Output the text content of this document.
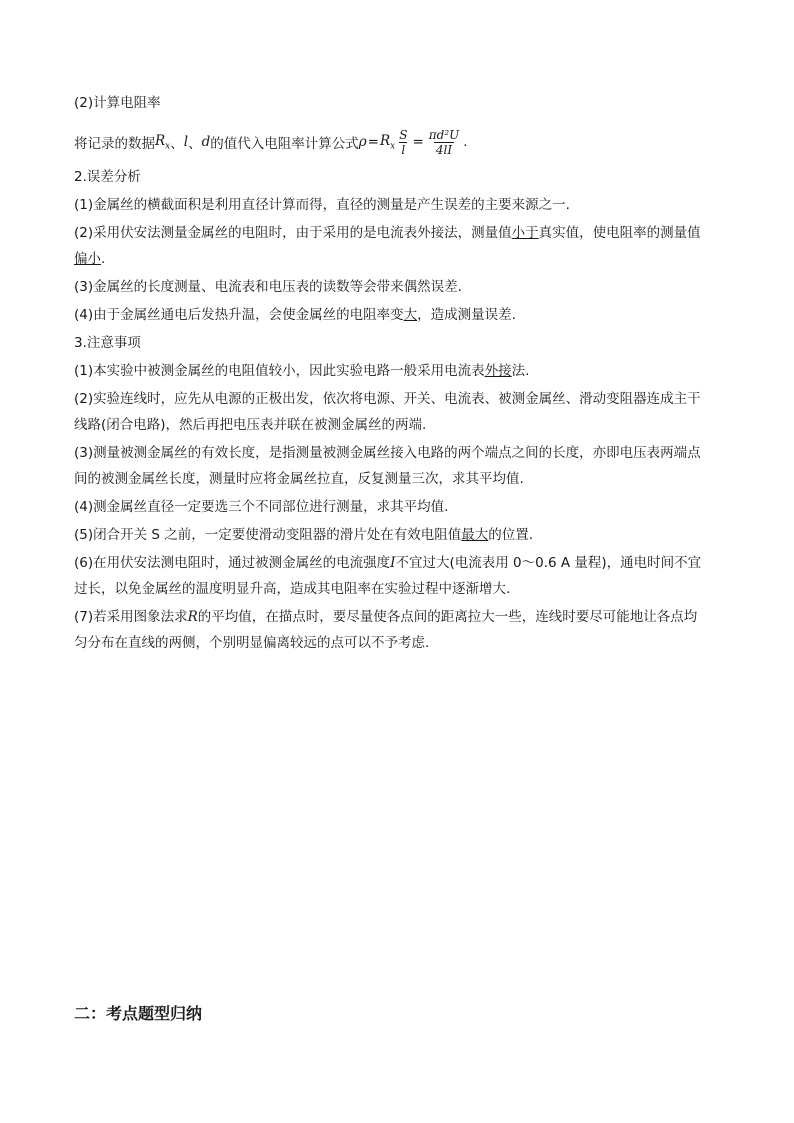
(2)计算电阻率
将记录的数据 $R_x$ 、 l 、 d 的值代入电阻率计算公式 $\rho = R_x \frac{S}{l} = \frac{\text{πd²U}}{4lI}$ .
2.误差分析
(1)金属丝的横截面积是利用直径计算而得，直径的测量是产生误差的主要来源之一.
(2)采用伏安法测量金属丝的电阻时，由于采用的是电流表外接法，测量值小于真实值，使电阻率的测量值
偏小.
(3)金属丝的长度测量、电流表和电压表的读数等会带来偶然误差.
(4)由于金属丝通电后发热升温，会使金属丝的电阻率变大，造成测量误差.
3.注意事项
(1)本实验中被测金属丝的电阻值较小，因此实验电路一般采用电流表外接法.
(2)实验连线时，应先从电源的正极出发，依次将电源、开关、电流表、被测金属丝、滑动变阻器连成主干
线路(闭合电路)，然后再把电压表并联在被测金属丝的两端.
(3)测量被测金属丝的有效长度，是指测量被测金属丝接入电路的两个端点之间的长度，亦即电压表两端点
间的被测金属丝长度，测量时应将金属丝拉直，反复测量三次，求其平均值.
(4)测金属丝直径一定要选三个不同部位进行测量，求其平均值.
(5)闭合开关 S 之前，一定要使滑动变阻器的滑片处在有效电阻值最大的位置.
(6)在用伏安法测电阻时，通过被测金属丝的电流强度I不宜过大(电流表用 0～0.6 A 量程)，通电时间不宜
过长，以免金属丝的温度明显升高，造成其电阻率在实验过程中逐渐增大.
(7)若采用图象法求R的平均值，在描点时，要尽量使各点间的距离拉大一些，连线时要尽可能地让各点均
匀分布在直线的两侧，个别明显偏离较远的点可以不予考虑.
二：考点题型归纳
